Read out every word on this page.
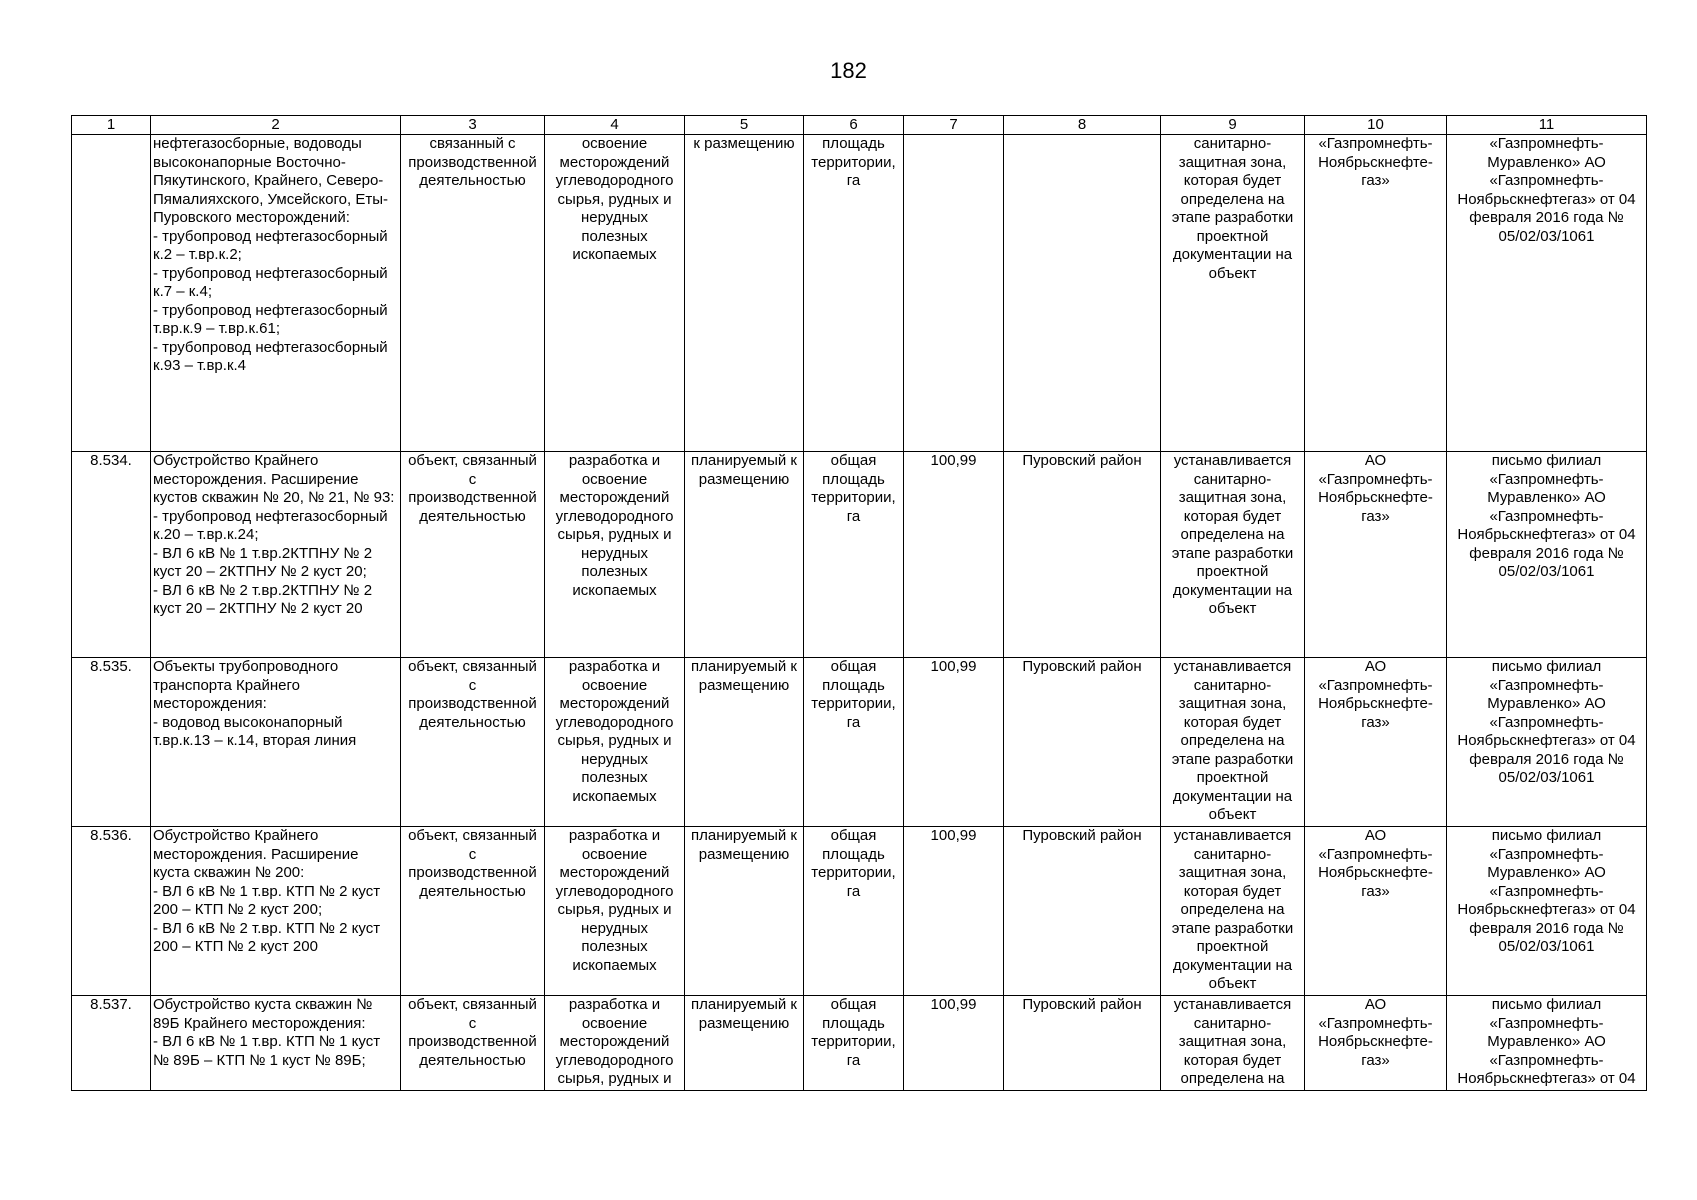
182
1	2	3	4	5	6	7	8	9	10	11
	нефтегазосборные, водоводы высоконапорные Восточно-Пякутинского, Крайнего, Северо-Пямалияхского, Умсейского, Еты-Пуровского месторождений:
- трубопровод нефтегазосборный к.2 – т.вр.к.2;
- трубопровод нефтегазосборный к.7 – к.4;
- трубопровод нефтегазосборный т.вр.к.9 – т.вр.к.61;
- трубопровод нефтегазосборный к.93 – т.вр.к.4	связанный с производственной деятельностью	освоение месторождений углеводородного сырья, рудных и нерудных полезных ископаемых	к размещению	площадь территории, га			санитарно-защитная зона, которая будет определена на этапе разработки проектной документации на объект	«Газпромнефть-Ноябрьскнефте-газ»	«Газпромнефть-Муравленко» АО «Газпромнефть-Ноябрьскнефтегаз» от 04 февраля 2016 года № 05/02/03/1061
8.534.	Обустройство Крайнего месторождения. Расширение кустов скважин № 20, № 21, № 93:
- трубопровод нефтегазосборный к.20 – т.вр.к.24;
- ВЛ 6 кВ № 1 т.вр.2КТПНУ № 2 куст 20 – 2КТПНУ № 2 куст 20;
- ВЛ 6 кВ № 2 т.вр.2КТПНУ № 2 куст 20 – 2КТПНУ № 2 куст 20	объект, связанный с производственной деятельностью	разработка и освоение месторождений углеводородного сырья, рудных и нерудных полезных ископаемых	планируемый к размещению	общая площадь территории, га	100,99	Пуровский район	устанавливается санитарно-защитная зона, которая будет определена на этапе разработки проектной документации на объект	АО «Газпромнефть-Ноябрьскнефте-газ»	письмо филиал «Газпромнефть-Муравленко» АО «Газпромнефть-Ноябрьскнефтегаз» от 04 февраля 2016 года № 05/02/03/1061
8.535.	Объекты трубопроводного транспорта Крайнего месторождения:
- водовод высоконапорный т.вр.к.13 – к.14, вторая линия	объект, связанный с производственной деятельностью	разработка и освоение месторождений углеводородного сырья, рудных и нерудных полезных ископаемых	планируемый к размещению	общая площадь территории, га	100,99	Пуровский район	устанавливается санитарно-защитная зона, которая будет определена на этапе разработки проектной документации на объект	АО «Газпромнефть-Ноябрьскнефте-газ»	письмо филиал «Газпромнефть-Муравленко» АО «Газпромнефть-Ноябрьскнефтегаз» от 04 февраля 2016 года № 05/02/03/1061
8.536.	Обустройство Крайнего месторождения. Расширение куста скважин № 200:
- ВЛ 6 кВ № 1 т.вр. КТП № 2 куст 200 – КТП № 2 куст 200;
- ВЛ 6 кВ № 2 т.вр. КТП № 2 куст 200 – КТП № 2 куст 200	объект, связанный с производственной деятельностью	разработка и освоение месторождений углеводородного сырья, рудных и нерудных полезных ископаемых	планируемый к размещению	общая площадь территории, га	100,99	Пуровский район	устанавливается санитарно-защитная зона, которая будет определена на этапе разработки проектной документации на объект	АО «Газпромнефть-Ноябрьскнефте-газ»	письмо филиал «Газпромнефть-Муравленко» АО «Газпромнефть-Ноябрьскнефтегаз» от 04 февраля 2016 года № 05/02/03/1061
8.537.	Обустройство куста скважин № 89Б Крайнего месторождения:
- ВЛ 6 кВ № 1 т.вр. КТП № 1 куст № 89Б – КТП № 1 куст № 89Б;	объект, связанный с производственной деятельностью	разработка и освоение месторождений углеводородного сырья, рудных и	планируемый к размещению	общая площадь территории, га	100,99	Пуровский район	устанавливается санитарно-защитная зона, которая будет определена на	АО «Газпромнефть-Ноябрьскнефте-газ»	письмо филиал «Газпромнефть-Муравленко» АО «Газпромнефть-Ноябрьскнефтегаз» от 04
